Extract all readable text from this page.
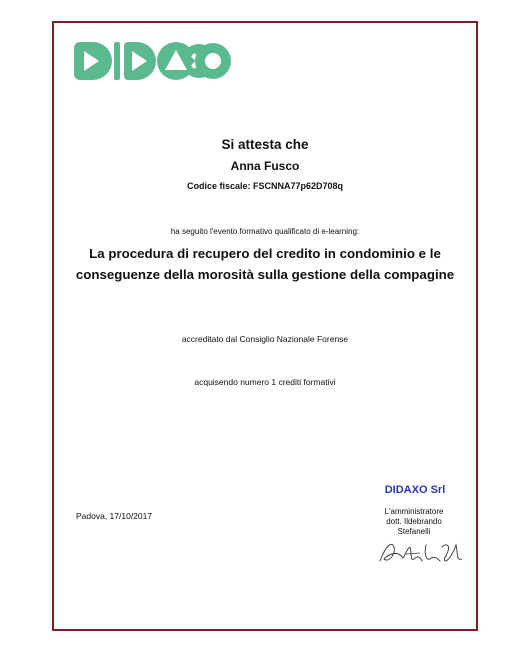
Si attesta che
Anna Fusco
Codice fiscale: FSCNNA77p62D708q
ha seguito l'evento formativo qualificato di e-learning:
La procedura di recupero del credito in condominio e le
conseguenze della morosità sulla gestione della compagine
accreditato dal Consiglio Nazionale Forense
acquisendo numero 1 crediti formativi
Padova, 17/10/2017
DIDAXO Srl
L'amministratore
dott. Ildebrando
Stefanelli
